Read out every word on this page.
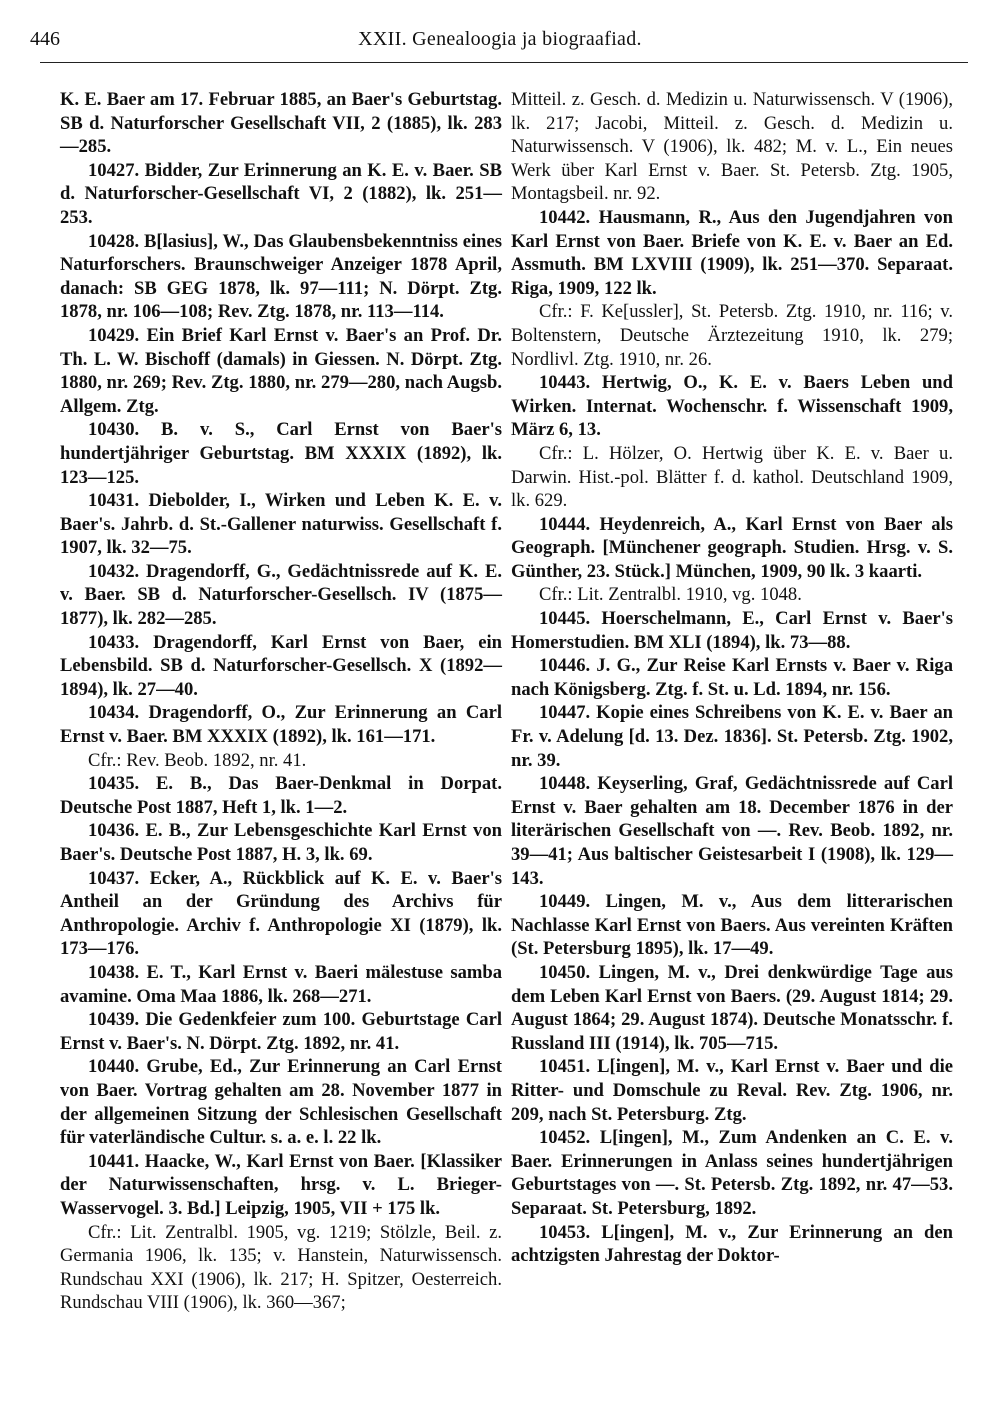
446	XXII. Genealoogia ja biograafiad.

K. E. Baer am 17. Februar 1885, an Baer's Geburtstag. SB d. Naturforscher Gesellschaft VII, 2 (1885), lk. 283—285.

10427. Bidder, Zur Erinnerung an K. E. v. Baer. SB d. Naturforscher-Gesellschaft VI, 2 (1882), lk. 251—253.

10428. B[lasius], W., Das Glaubensbekenntniss eines Naturforschers. Braunschweiger Anzeiger 1878 April, danach: SB GEG 1878, lk. 97—111; N. Dörpt. Ztg. 1878, nr. 106—108; Rev. Ztg. 1878, nr. 113—114.

10429. Ein Brief Karl Ernst v. Baer's an Prof. Dr. Th. L. W. Bischoff (damals) in Giessen. N. Dörpt. Ztg. 1880, nr. 269; Rev. Ztg. 1880, nr. 279—280, nach Augsb. Allgem. Ztg.

10430. B. v. S., Carl Ernst von Baer's hundertjähriger Geburtstag. BM XXXIX (1892), lk. 123—125.

10431. Diebolder, I., Wirken und Leben K. E. v. Baer's. Jahrb. d. St.-Gallener naturwiss. Gesellschaft f. 1907, lk. 32—75.

10432. Dragendorff, G., Gedächtnissrede auf K. E. v. Baer. SB d. Naturforscher-Gesellsch. IV (1875—1877), lk. 282—285.

10433. Dragendorff, Karl Ernst von Baer, ein Lebensbild. SB d. Naturforscher-Gesellsch. X (1892—1894), lk. 27—40.

10434. Dragendorff, O., Zur Erinnerung an Carl Ernst v. Baer. BM XXXIX (1892), lk. 161—171.

Cfr.: Rev. Beob. 1892, nr. 41.

10435. E. B., Das Baer-Denkmal in Dorpat. Deutsche Post 1887, Heft 1, lk. 1—2.

10436. E. B., Zur Lebensgeschichte Karl Ernst von Baer's. Deutsche Post 1887, H. 3, lk. 69.

10437. Ecker, A., Rückblick auf K. E. v. Baer's Antheil an der Gründung des Archivs für Anthropologie. Archiv f. Anthropologie XI (1879), lk. 173—176.

10438. E. T., Karl Ernst v. Baeri mälestuse samba avamine. Oma Maa 1886, lk. 268—271.

10439. Die Gedenkfeier zum 100. Geburtstage Carl Ernst v. Baer's. N. Dörpt. Ztg. 1892, nr. 41.

10440. Grube, Ed., Zur Erinnerung an Carl Ernst von Baer. Vortrag gehalten am 28. November 1877 in der allgemeinen Sitzung der Schlesischen Gesellschaft für vaterländische Cultur. s. a. e. l. 22 lk.

10441. Haacke, W., Karl Ernst von Baer. [Klassiker der Naturwissenschaften, hrsg. v. L. Brieger-Wasservogel. 3. Bd.] Leipzig, 1905, VII + 175 lk.

Cfr.: Lit. Zentralbl. 1905, vg. 1219; Stölzle, Beil. z. Germania 1906, lk. 135; v. Hanstein, Naturwissensch. Rundschau XXI (1906), lk. 217; H. Spitzer, Oesterreich. Rundschau VIII (1906), lk. 360—367;

Mitteil. z. Gesch. d. Medizin u. Naturwissensch. V (1906), lk. 217; Jacobi, Mitteil. z. Gesch. d. Medizin u. Naturwissensch. V (1906), lk. 482; M. v. L., Ein neues Werk über Karl Ernst v. Baer. St. Petersb. Ztg. 1905, Montagsbeil. nr. 92.

10442. Hausmann, R., Aus den Jugendjahren von Karl Ernst von Baer. Briefe von K. E. v. Baer an Ed. Assmuth. BM LXVIII (1909), lk. 251—370. Separaat. Riga, 1909, 122 lk.

Cfr.: F. Ke[ussler], St. Petersb. Ztg. 1910, nr. 116; v. Boltenstern, Deutsche Ärztezeitung 1910, lk. 279; Nordlivl. Ztg. 1910, nr. 26.

10443. Hertwig, O., K. E. v. Baers Leben und Wirken. Internat. Wochenschr. f. Wissenschaft 1909, März 6, 13.

Cfr.: L. Hölzer, O. Hertwig über K. E. v. Baer u. Darwin. Hist.-pol. Blätter f. d. kathol. Deutschland 1909, lk. 629.

10444. Heydenreich, A., Karl Ernst von Baer als Geograph. [Münchener geograph. Studien. Hrsg. v. S. Günther, 23. Stück.] München, 1909, 90 lk. 3 kaarti.

Cfr.: Lit. Zentralbl. 1910, vg. 1048.

10445. Hoerschelmann, E., Carl Ernst v. Baer's Homerstudien. BM XLI (1894), lk. 73—88.

10446. J. G., Zur Reise Karl Ernsts v. Baer v. Riga nach Königsberg. Ztg. f. St. u. Ld. 1894, nr. 156.

10447. Kopie eines Schreibens von K. E. v. Baer an Fr. v. Adelung [d. 13. Dez. 1836]. St. Petersb. Ztg. 1902, nr. 39.

10448. Keyserling, Graf, Gedächtnissrede auf Carl Ernst v. Baer gehalten am 18. December 1876 in der literärischen Gesellschaft von —. Rev. Beob. 1892, nr. 39—41; Aus baltischer Geistesarbeit I (1908), lk. 129—143.

10449. Lingen, M. v., Aus dem litterarischen Nachlasse Karl Ernst von Baers. Aus vereinten Kräften (St. Petersburg 1895), lk. 17—49.

10450. Lingen, M. v., Drei denkwürdige Tage aus dem Leben Karl Ernst von Baers. (29. August 1814; 29. August 1864; 29. August 1874). Deutsche Monatsschr. f. Russland III (1914), lk. 705—715.

10451. L[ingen], M. v., Karl Ernst v. Baer und die Ritter- und Domschule zu Reval. Rev. Ztg. 1906, nr. 209, nach St. Petersburg. Ztg.

10452. L[ingen], M., Zum Andenken an C. E. v. Baer. Erinnerungen in Anlass seines hundertjährigen Geburtstages von —. St. Petersb. Ztg. 1892, nr. 47—53. Separaat. St. Petersburg, 1892.

10453. L[ingen], M. v., Zur Erinnerung an den achtzigsten Jahrestag der Doktor-
